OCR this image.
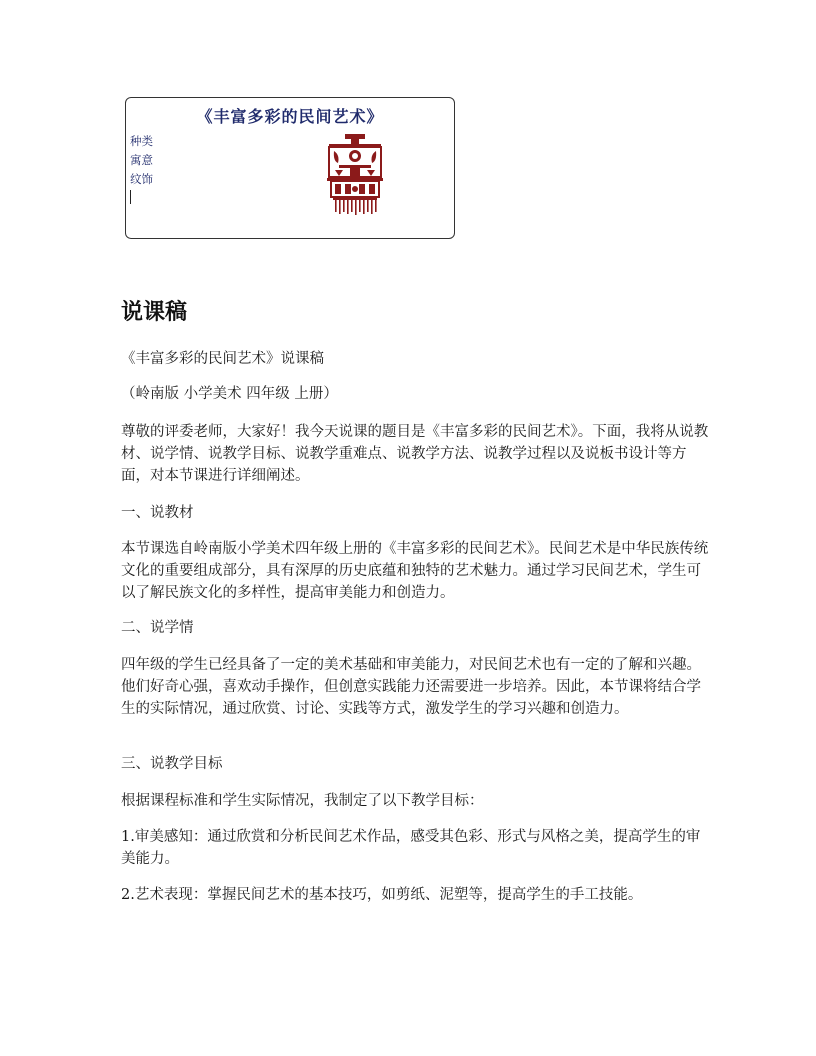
《丰富多彩的民间艺术》
种类
寓意
纹饰
说课稿

《丰富多彩的民间艺术》说课稿

（岭南版 小学美术 四年级 上册）

尊敬的评委老师，大家好！我今天说课的题目是《丰富多彩的民间艺术》。下面，我将从说教材、说学情、说教学目标、说教学重难点、说教学方法、说教学过程以及说板书设计等方面，对本节课进行详细阐述。

一、说教材

本节课选自岭南版小学美术四年级上册的《丰富多彩的民间艺术》。民间艺术是中华民族传统文化的重要组成部分，具有深厚的历史底蕴和独特的艺术魅力。通过学习民间艺术，学生可以了解民族文化的多样性，提高审美能力和创造力。

二、说学情

四年级的学生已经具备了一定的美术基础和审美能力，对民间艺术也有一定的了解和兴趣。他们好奇心强，喜欢动手操作，但创意实践能力还需要进一步培养。因此，本节课将结合学生的实际情况，通过欣赏、讨论、实践等方式，激发学生的学习兴趣和创造力。

三、说教学目标

根据课程标准和学生实际情况，我制定了以下教学目标：

1.审美感知：通过欣赏和分析民间艺术作品，感受其色彩、形式与风格之美，提高学生的审美能力。

2.艺术表现：掌握民间艺术的基本技巧，如剪纸、泥塑等，提高学生的手工技能。
